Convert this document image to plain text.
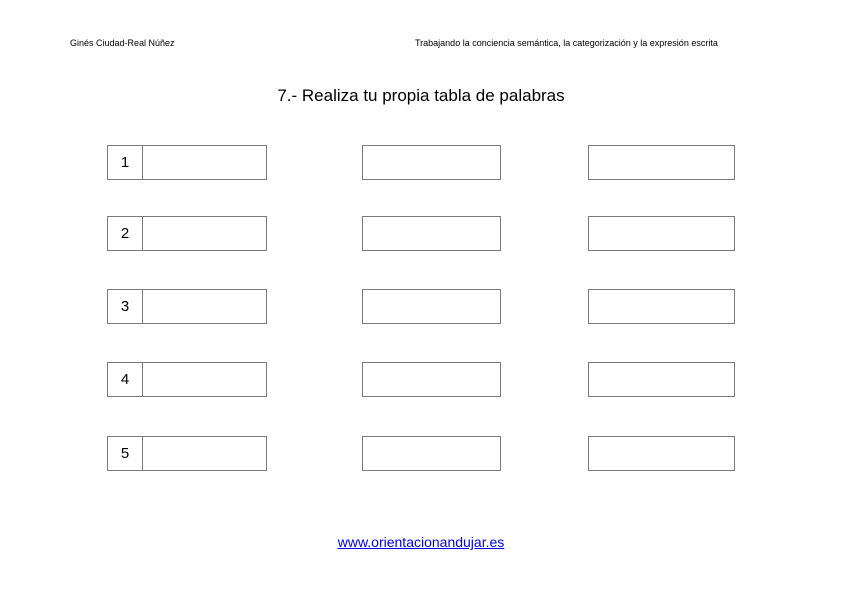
Ginés Ciudad-Real Núñez	Trabajando la conciencia semántica, la categorización y la expresión escrita
7.- Realiza tu propia tabla de palabras
1
2
3
4
5
www.orientacionandujar.es
